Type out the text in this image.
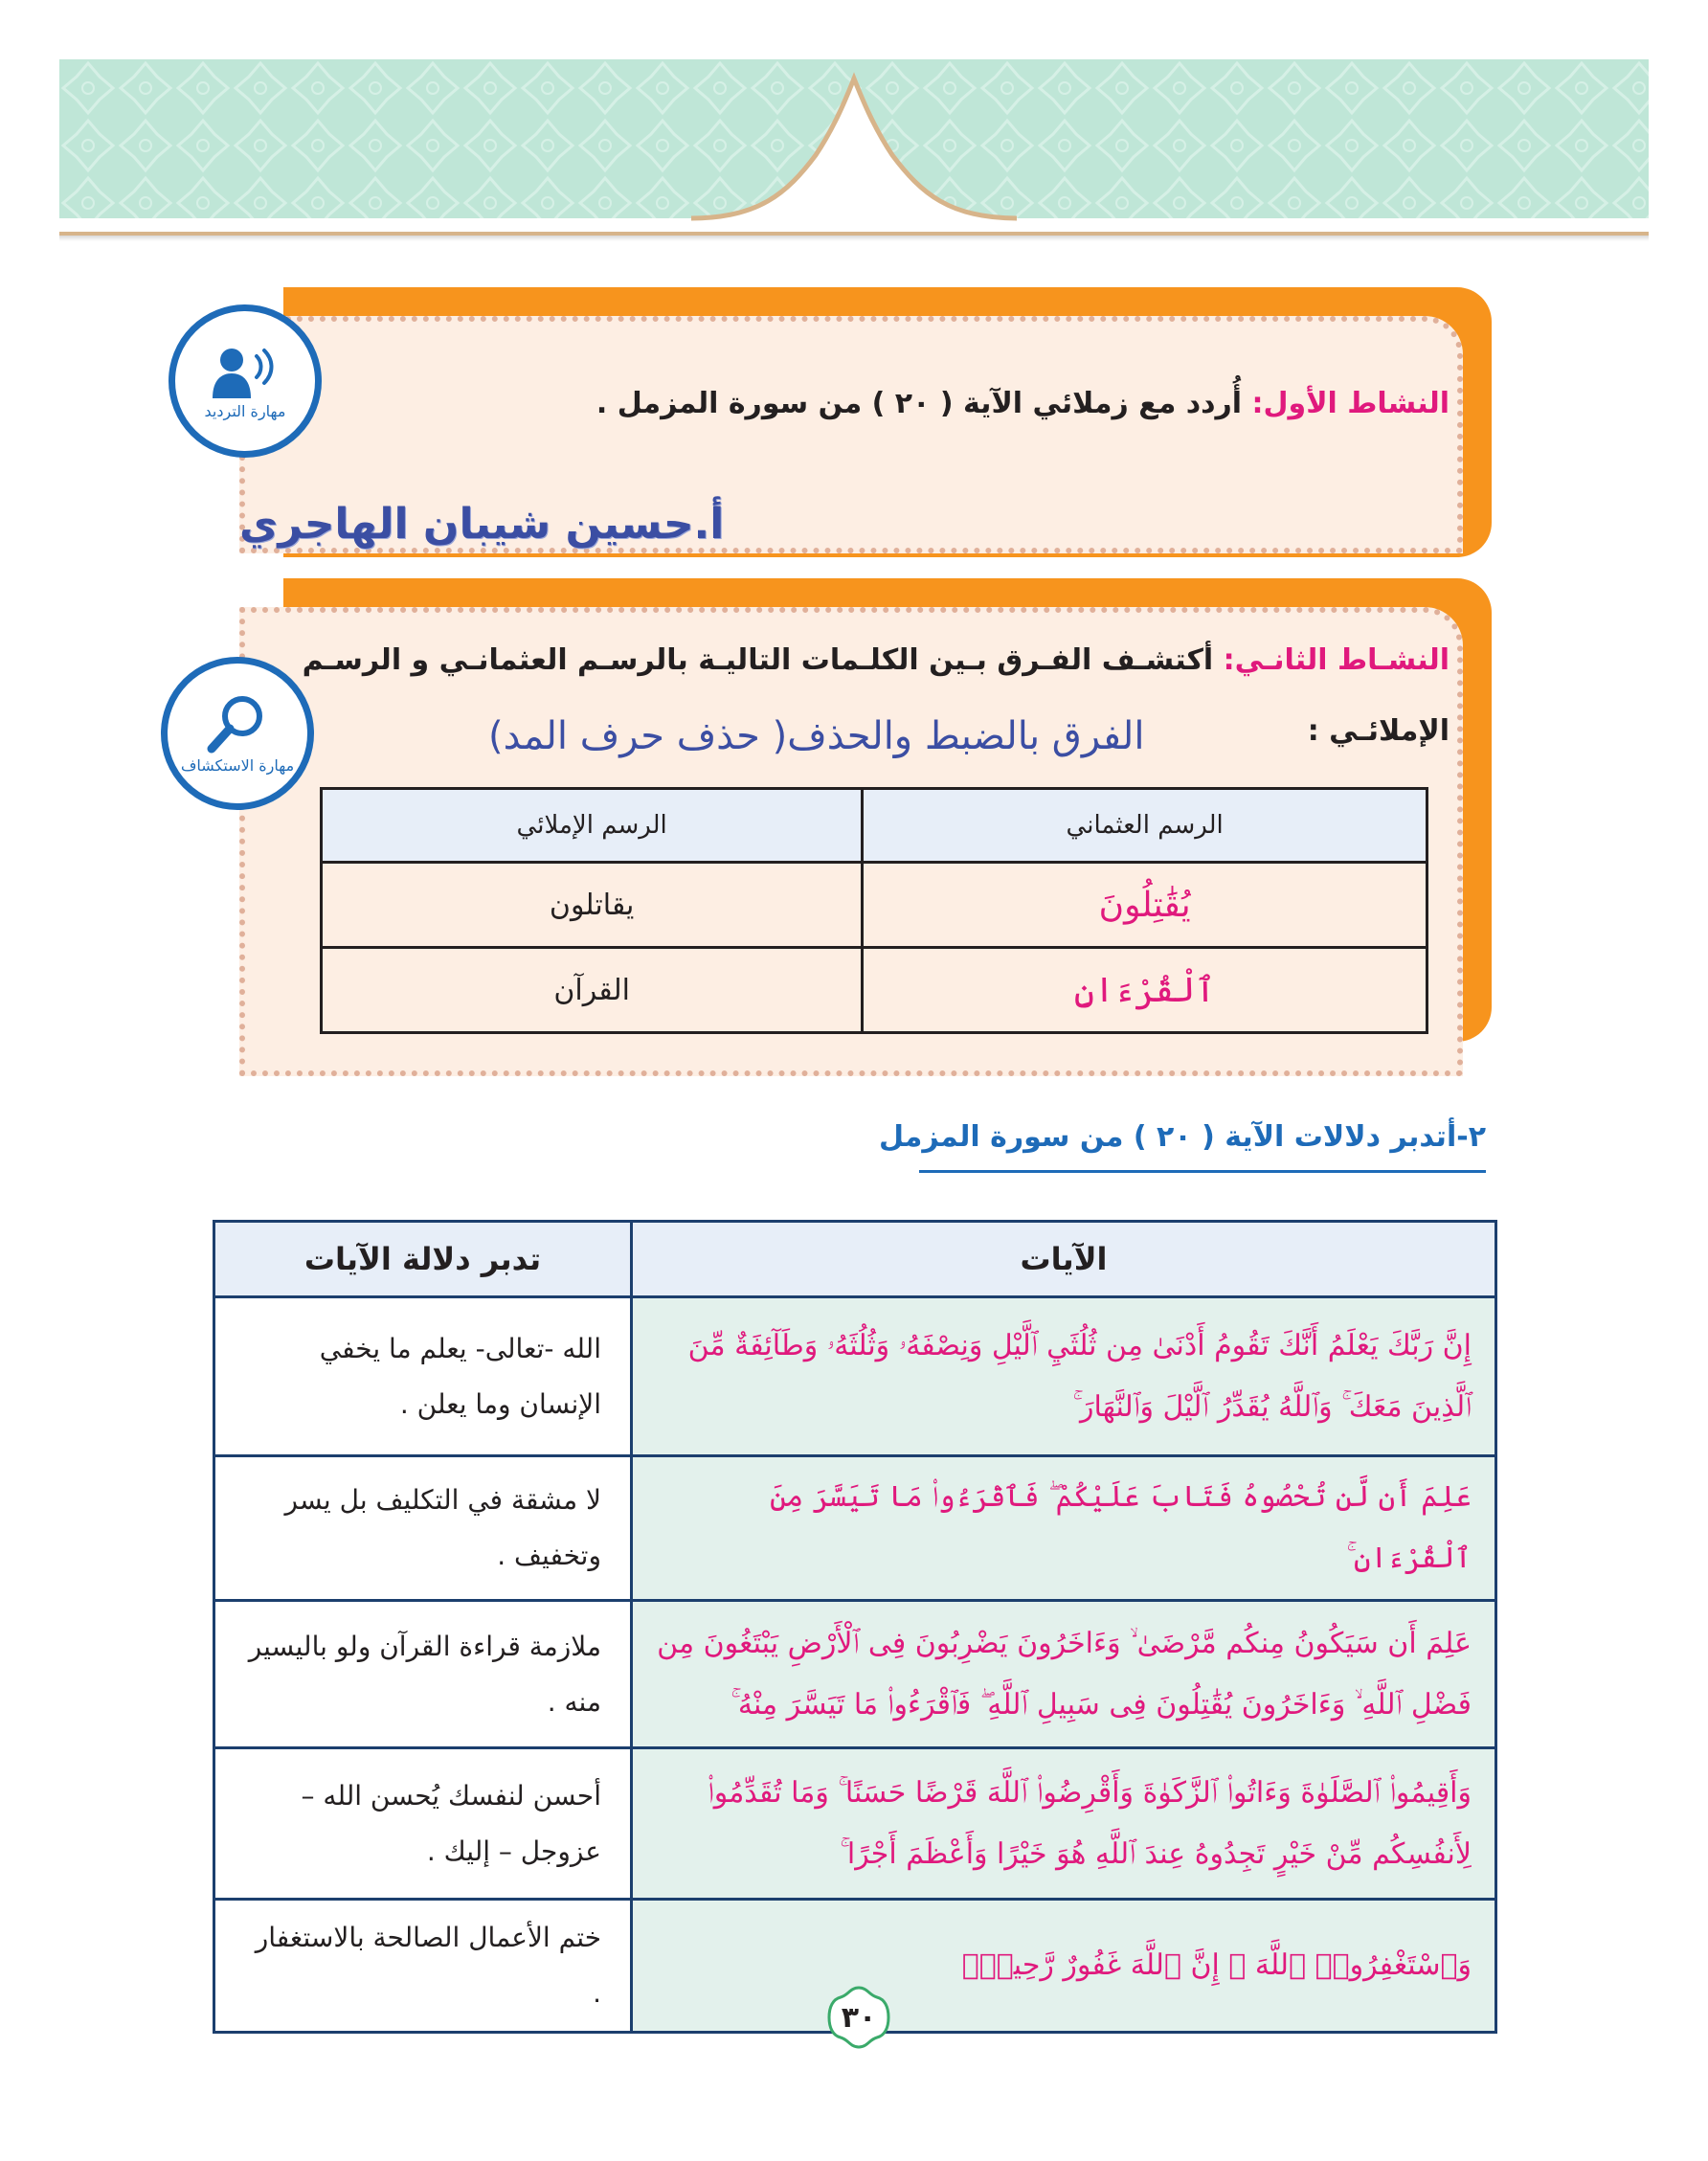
النشاط الأول: أُردد مع زملائي الآية ( ٢٠ ) من سورة المزمل .
مهارة الترديد
أ.حسين شيبان الهاجري
النشـاط الثانـي: أكتشـف الفـرق بـين الكلـمات التاليـة بالرسـم العثمانـي و الرسـم
الإملائـي :
مهارة الاستكشاف
الفرق بالضبط والحذف( حذف حرف المد)
الرسم العثماني	الرسم الإملائي
يُقَٰتِلُونَ	يقاتلون
ٱلْقُرْءَانِ	القرآن
٢-أتدبر دلالات الآية ( ٢٠ ) من سورة المزمل
الآيات	تدبر دلالة الآيات
إِنَّ رَبَّكَ يَعْلَمُ أَنَّكَ تَقُومُ أَدْنَىٰ مِن ثُلُثَيِ ٱلَّيْلِ وَنِصْفَهُۥ وَثُلُثَهُۥ وَطَآئِفَةٌ مِّنَ ٱلَّذِينَ مَعَكَ ۚ وَٱللَّهُ يُقَدِّرُ ٱلَّيْلَ وَٱلنَّهَارَ ۚ	الله -تعالى- يعلم ما يخفي الإنسان وما يعلن .
عَلِمَ أَن لَّن تُحْصُوهُ فَتَابَ عَلَيْكُمْ ۖ فَٱقْرَءُوا۟ مَا تَيَسَّرَ مِنَ ٱلْقُرْءَانِ ۚ	لا مشقة في التكليف بل يسر وتخفيف .
عَلِمَ أَن سَيَكُونُ مِنكُم مَّرْضَىٰ ۙ وَءَاخَرُونَ يَضْرِبُونَ فِى ٱلْأَرْضِ يَبْتَغُونَ مِن فَضْلِ ٱللَّهِ ۙ وَءَاخَرُونَ يُقَٰتِلُونَ فِى سَبِيلِ ٱللَّهِ ۖ فَٱقْرَءُوا۟ مَا تَيَسَّرَ مِنْهُ ۚ	ملازمة قراءة القرآن ولو باليسير منه .
وَأَقِيمُوا۟ ٱلصَّلَوٰةَ وَءَاتُوا۟ ٱلزَّكَوٰةَ وَأَقْرِضُوا۟ ٱللَّهَ قَرْضًا حَسَنًا ۚ وَمَا تُقَدِّمُوا۟ لِأَنفُسِكُم مِّنْ خَيْرٍ تَجِدُوهُ عِندَ ٱللَّهِ هُوَ خَيْرًا وَأَعْظَمَ أَجْرًا ۚ	أحسن لنفسك يُحسن الله – عزوجل – إليك .
وَٱسْتَغْفِرُوا۟ ٱللَّهَ ۖ إِنَّ ٱللَّهَ غَفُورٌ رَّحِيمٌۢ	ختم الأعمال الصالحة بالاستغفار .
٣٠
